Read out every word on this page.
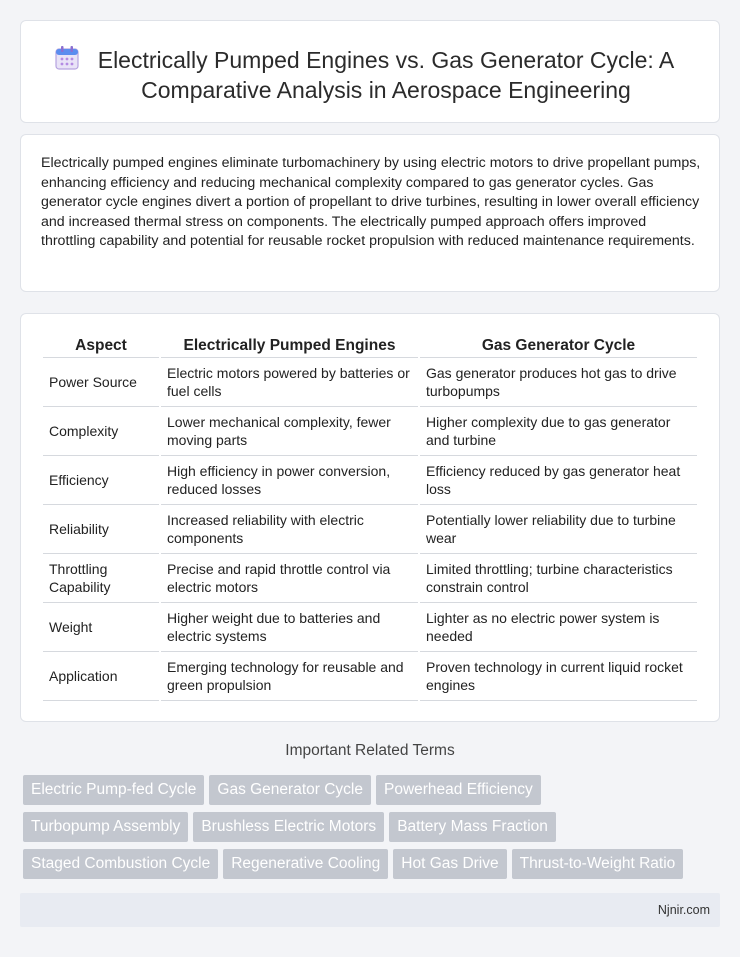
Electrically Pumped Engines vs. Gas Generator Cycle: A Comparative Analysis in Aerospace Engineering

Electrically pumped engines eliminate turbomachinery by using electric motors to drive propellant pumps, enhancing efficiency and reducing mechanical complexity compared to gas generator cycles. Gas generator cycle engines divert a portion of propellant to drive turbines, resulting in lower overall efficiency and increased thermal stress on components. The electrically pumped approach offers improved throttling capability and potential for reusable rocket propulsion with reduced maintenance requirements.

Aspect	Electrically Pumped Engines	Gas Generator Cycle
Power Source	Electric motors powered by batteries or fuel cells	Gas generator produces hot gas to drive turbopumps
Complexity	Lower mechanical complexity, fewer moving parts	Higher complexity due to gas generator and turbine
Efficiency	High efficiency in power conversion, reduced losses	Efficiency reduced by gas generator heat loss
Reliability	Increased reliability with electric components	Potentially lower reliability due to turbine wear
Throttling Capability	Precise and rapid throttle control via electric motors	Limited throttling; turbine characteristics constrain control
Weight	Higher weight due to batteries and electric systems	Lighter as no electric power system is needed
Application	Emerging technology for reusable and green propulsion	Proven technology in current liquid rocket engines
Important Related Terms
Electric Pump-fed Cycle Gas Generator Cycle Powerhead Efficiency
Turbopump Assembly Brushless Electric Motors Battery Mass Fraction
Staged Combustion Cycle Regenerative Cooling Hot Gas Drive Thrust-to-Weight Ratio
Njnir.com
